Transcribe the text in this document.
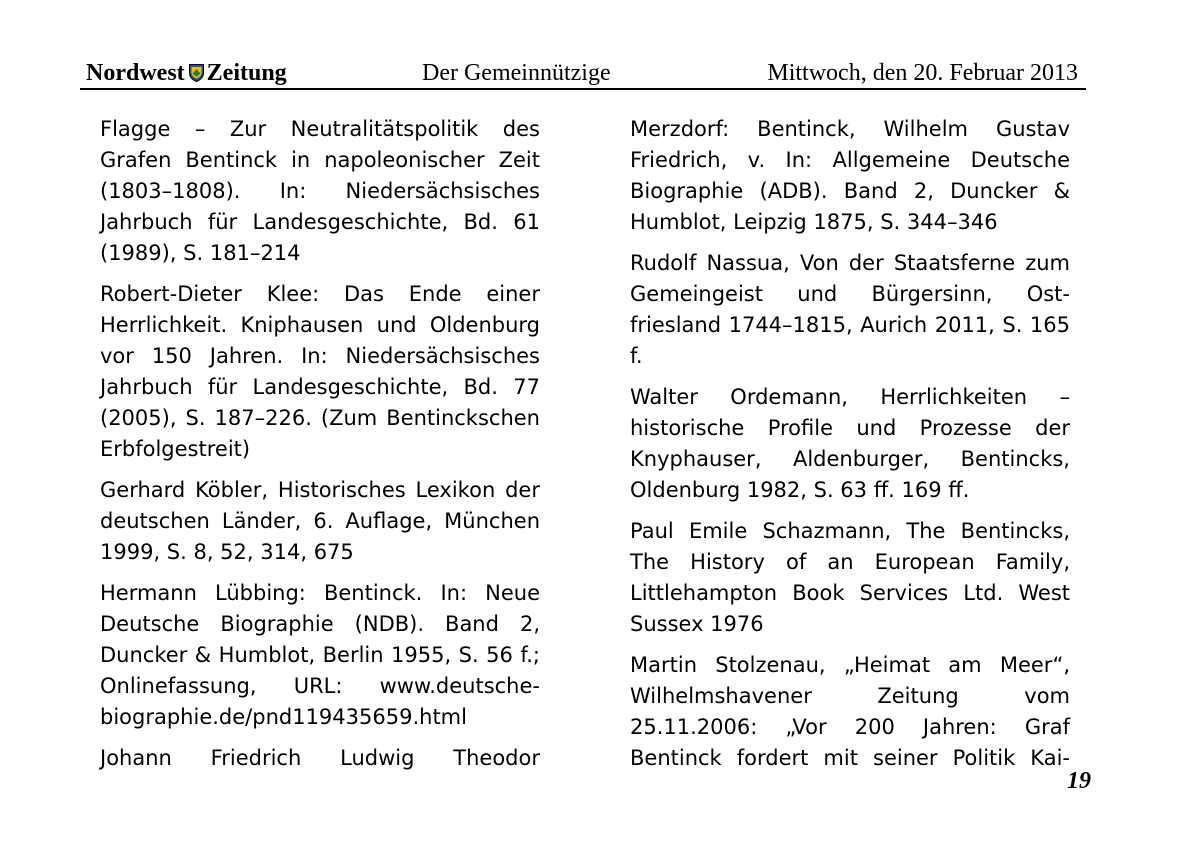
Nordwest Zeitung	Der Gemeinnützige	Mittwoch, den 20. Februar 2013

Flagge – Zur Neutralitätspolitik des Grafen Bentinck in napoleonischer Zeit (1803–1808). In: Niedersächsisches Jahrbuch für Landesgeschichte, Bd. 61 (1989), S. 181–214

Robert-Dieter Klee: Das Ende einer Herrlichkeit. Kniphausen und Oldenburg vor 150 Jahren. In: Niedersächsisches Jahrbuch für Landesgeschichte, Bd. 77 (2005), S. 187–226. (Zum Bentinckschen Erbfolgestreit)

Gerhard Köbler, Historisches Lexikon der deutschen Länder, 6. Auflage, München 1999, S. 8, 52, 314, 675

Hermann Lübbing: Bentinck. In: Neue Deutsche Biographie (NDB). Band 2, Duncker & Humblot, Berlin 1955, S. 56 f.; Onlinefassung, URL: www.deutsche-biographie.de/pnd119435659.html

Johann Friedrich Ludwig Theodor

Merzdorf: Bentinck, Wilhelm Gustav Friedrich, v. In: Allgemeine Deutsche Biographie (ADB). Band 2, Duncker & Humblot, Leipzig 1875, S. 344–346

Rudolf Nassua, Von der Staatsferne zum Gemeingeist und Bürgersinn, Ostfriesland 1744–1815, Aurich 2011, S. 165 f.

Walter Ordemann, Herrlichkeiten – historische Profile und Prozesse der Knyphauser, Aldenburger, Bentincks, Oldenburg 1982, S. 63 ff. 169 ff.

Paul Emile Schazmann, The Bentincks, The History of an European Family, Littlehampton Book Services Ltd. West Sussex 1976

Martin Stolzenau, „Heimat am Meer“, Wilhelmshavener Zeitung vom 25.11.2006: „Vor 200 Jahren: Graf Bentinck fordert mit seiner Politik Kai-

19
